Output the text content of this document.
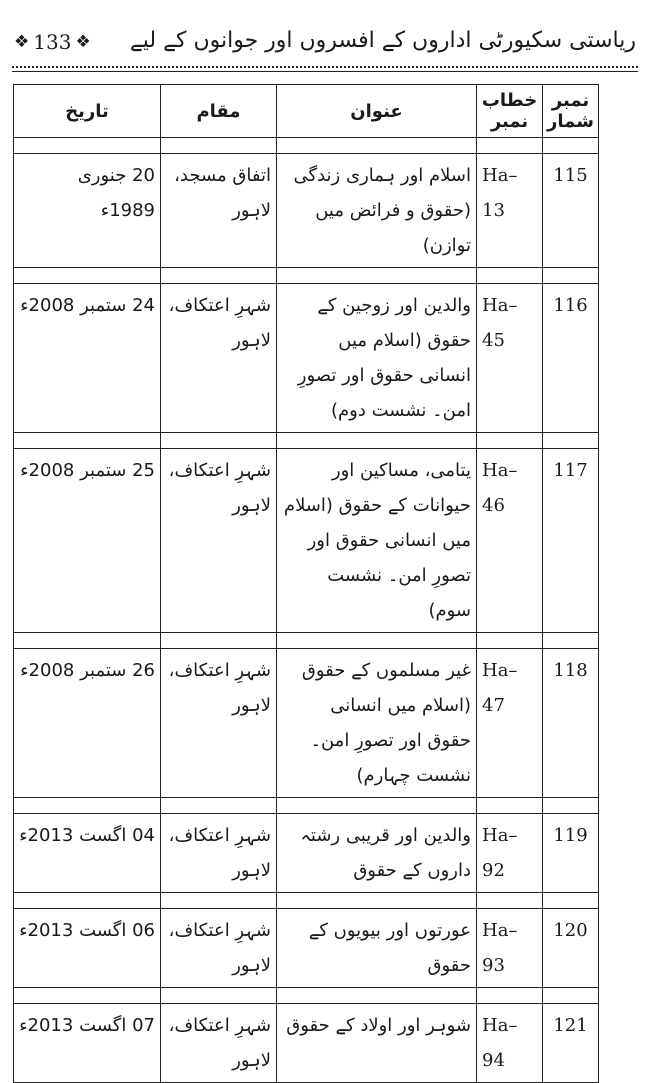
ریاستی سکیورٹی اداروں کے افسروں اور جوانوں کے لیے
❖ 133 ❖
نمبر شمار	خطاب نمبر	عنوان	مقام	تاریخ

115	Ha–13	اسلام اور ہماری زندگی (حقوق و فرائض میں توازن)	اتفاق مسجد، لاہور	20 جنوری 1989ء

116	Ha–45	والدین اور زوجین کے حقوق (اسلام میں انسانی حقوق اور تصورِ امن۔ نشست دوم)	شہرِ اعتکاف، لاہور	24 ستمبر 2008ء

117	Ha–46	یتامی، مساکین اور حیوانات کے حقوق (اسلام میں انسانی حقوق اور تصورِ امن۔ نشست سوم)	شہرِ اعتکاف، لاہور	25 ستمبر 2008ء

118	Ha–47	غیر مسلموں کے حقوق (اسلام میں انسانی حقوق اور تصورِ امن۔ نشست چہارم)	شہرِ اعتکاف، لاہور	26 ستمبر 2008ء

119	Ha–92	والدین اور قریبی رشتہ داروں کے حقوق	شہرِ اعتکاف، لاہور	04 اگست 2013ء

120	Ha–93	عورتوں اور بیویوں کے حقوق	شہرِ اعتکاف، لاہور	06 اگست 2013ء

121	Ha–94	شوہر اور اولاد کے حقوق	شہرِ اعتکاف، لاہور	07 اگست 2013ء
